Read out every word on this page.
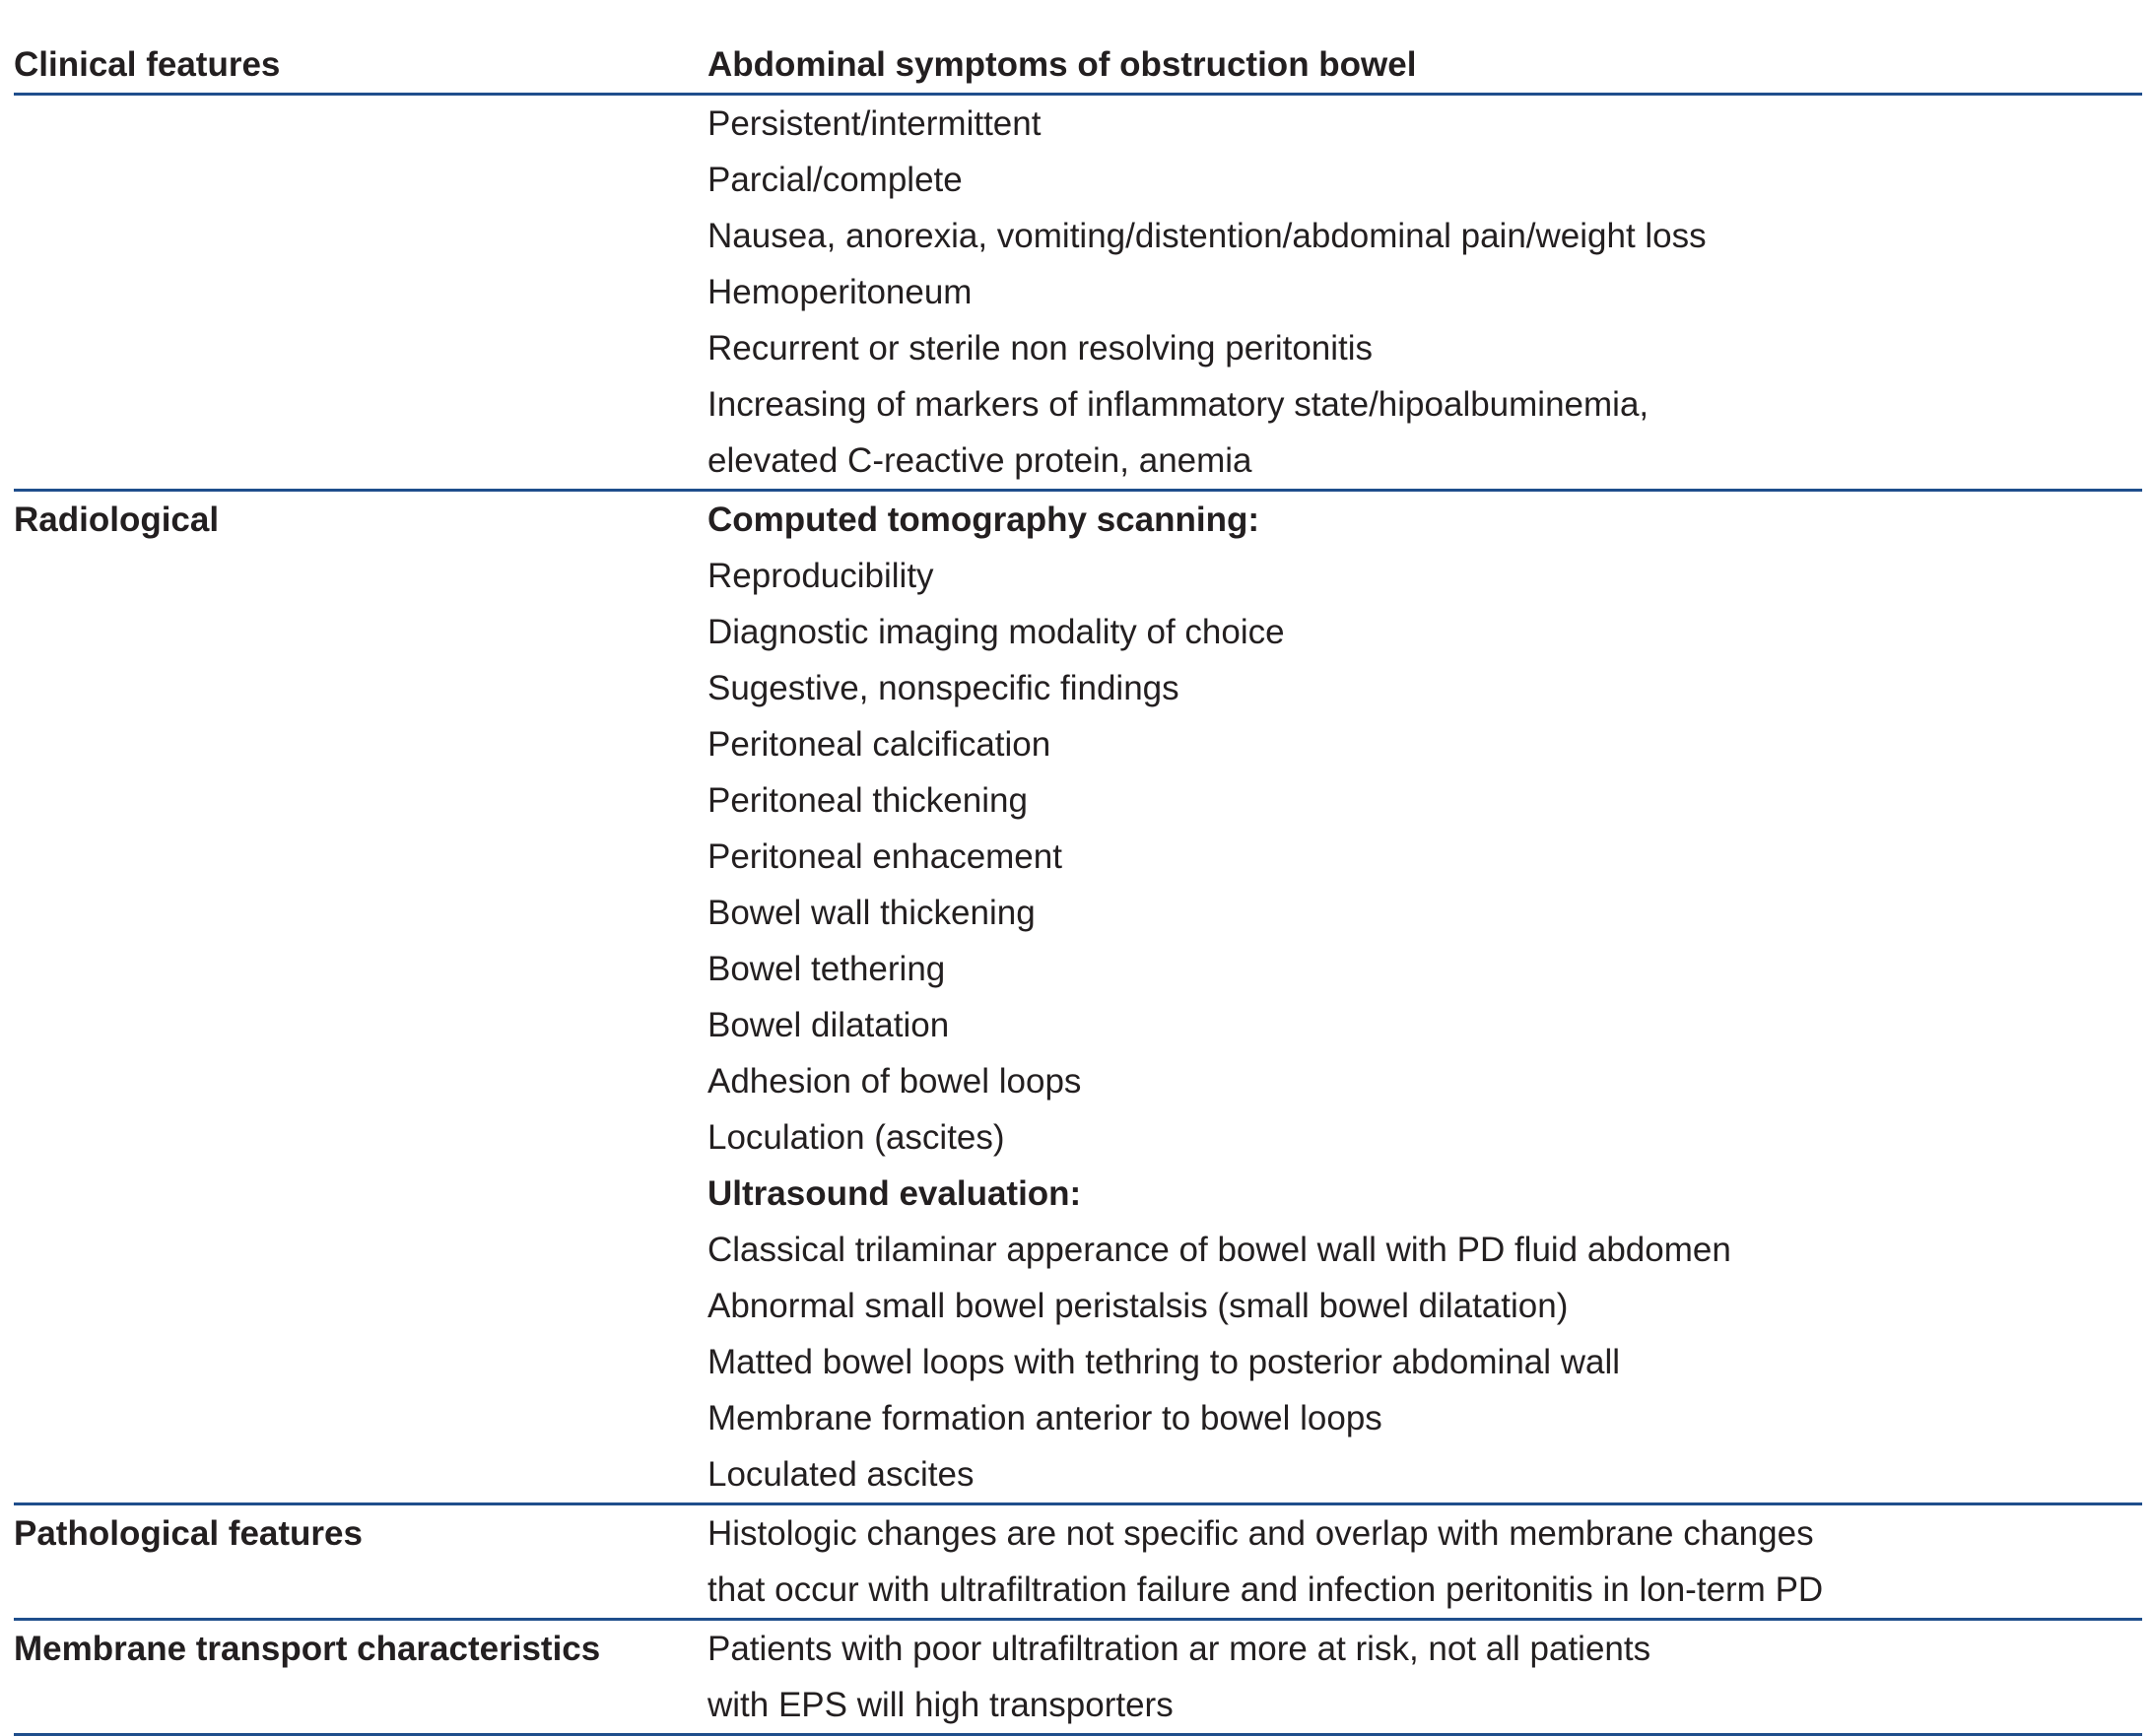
Clinical features	Abdominal symptoms of obstruction bowel
Persistent/intermittent
Parcial/complete
Nausea, anorexia, vomiting/distention/abdominal pain/weight loss
Hemoperitoneum
Recurrent or sterile non resolving peritonitis
Increasing of markers of inflammatory state/hipoalbuminemia,
elevated C-reactive protein, anemia
Radiological	Computed tomography scanning:
Reproducibility
Diagnostic imaging modality of choice
Sugestive, nonspecific findings
Peritoneal calcification
Peritoneal thickening
Peritoneal enhacement
Bowel wall thickening
Bowel tethering
Bowel dilatation
Adhesion of bowel loops
Loculation (ascites)
Ultrasound evaluation:
Classical trilaminar apperance of bowel wall with PD fluid abdomen
Abnormal small bowel peristalsis (small bowel dilatation)
Matted bowel loops with tethring to posterior abdominal wall
Membrane formation anterior to bowel loops
Loculated ascites
Pathological features	Histologic changes are not specific and overlap with membrane changes
that occur with ultrafiltration failure and infection peritonitis in lon-term PD
Membrane transport characteristics	Patients with poor ultrafiltration ar more at risk, not all patients
with EPS will high transporters
